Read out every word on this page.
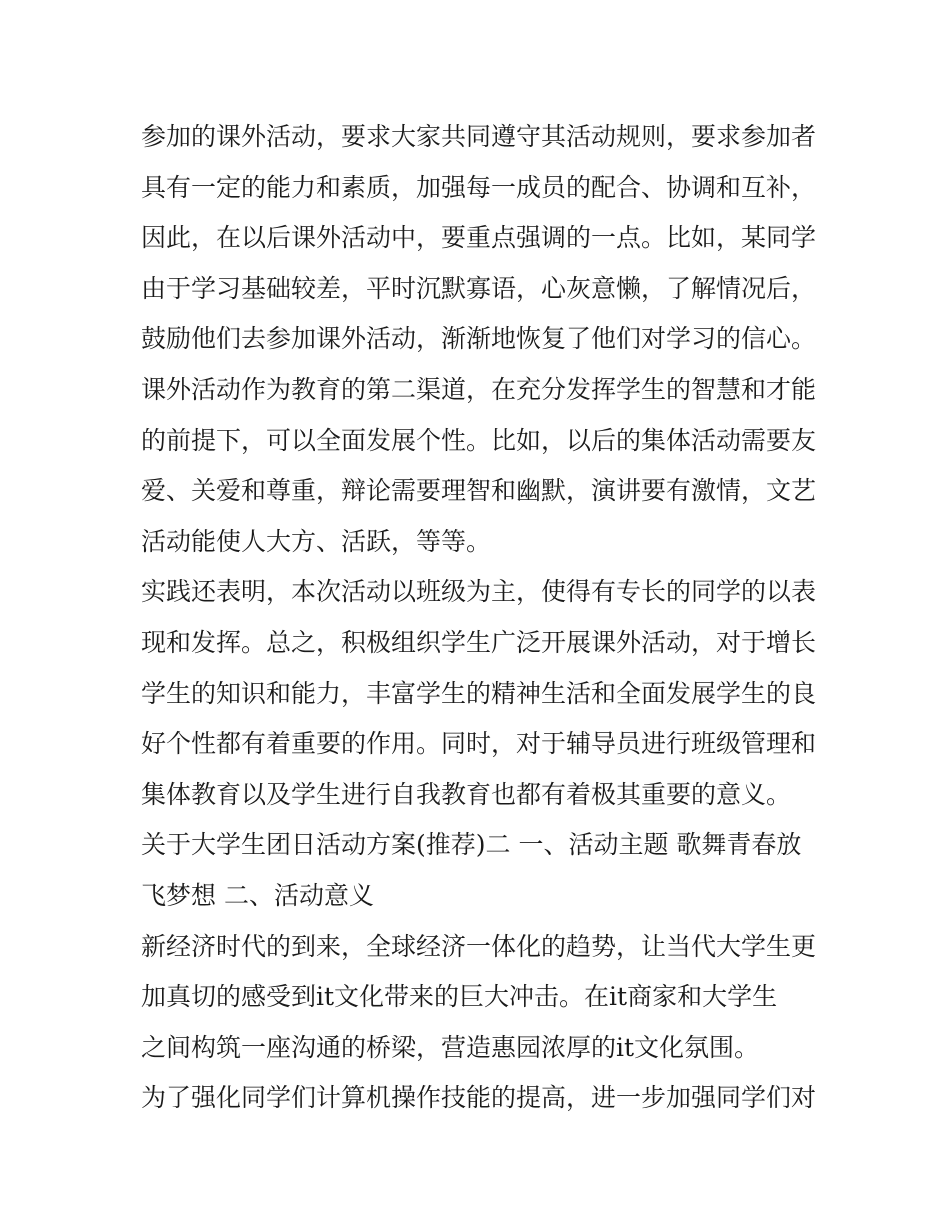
参加的课外活动，要求大家共同遵守其活动规则，要求参加者
具有一定的能力和素质，加强每一成员的配合、协调和互补，
因此，在以后课外活动中，要重点强调的一点。比如，某同学
由于学习基础较差，平时沉默寡语，心灰意懒，了解情况后，
鼓励他们去参加课外活动，渐渐地恢复了他们对学习的信心。
课外活动作为教育的第二渠道，在充分发挥学生的智慧和才能
的前提下，可以全面发展个性。比如，以后的集体活动需要友
爱、关爱和尊重，辩论需要理智和幽默，演讲要有激情，文艺
活动能使人大方、活跃，等等。
实践还表明，本次活动以班级为主，使得有专长的同学的以表
现和发挥。总之，积极组织学生广泛开展课外活动，对于增长
学生的知识和能力，丰富学生的精神生活和全面发展学生的良
好个性都有着重要的作用。同时，对于辅导员进行班级管理和
集体教育以及学生进行自我教育也都有着极其重要的意义。
关于大学生团日活动方案(推荐)二 一、活动主题 歌舞青春放
飞梦想 二、活动意义
新经济时代的到来，全球经济一体化的趋势，让当代大学生更
加真切的感受到it文化带来的巨大冲击。在it商家和大学生
之间构筑一座沟通的桥梁，营造惠园浓厚的it文化氛围。
为了强化同学们计算机操作技能的提高，进一步加强同学们对
